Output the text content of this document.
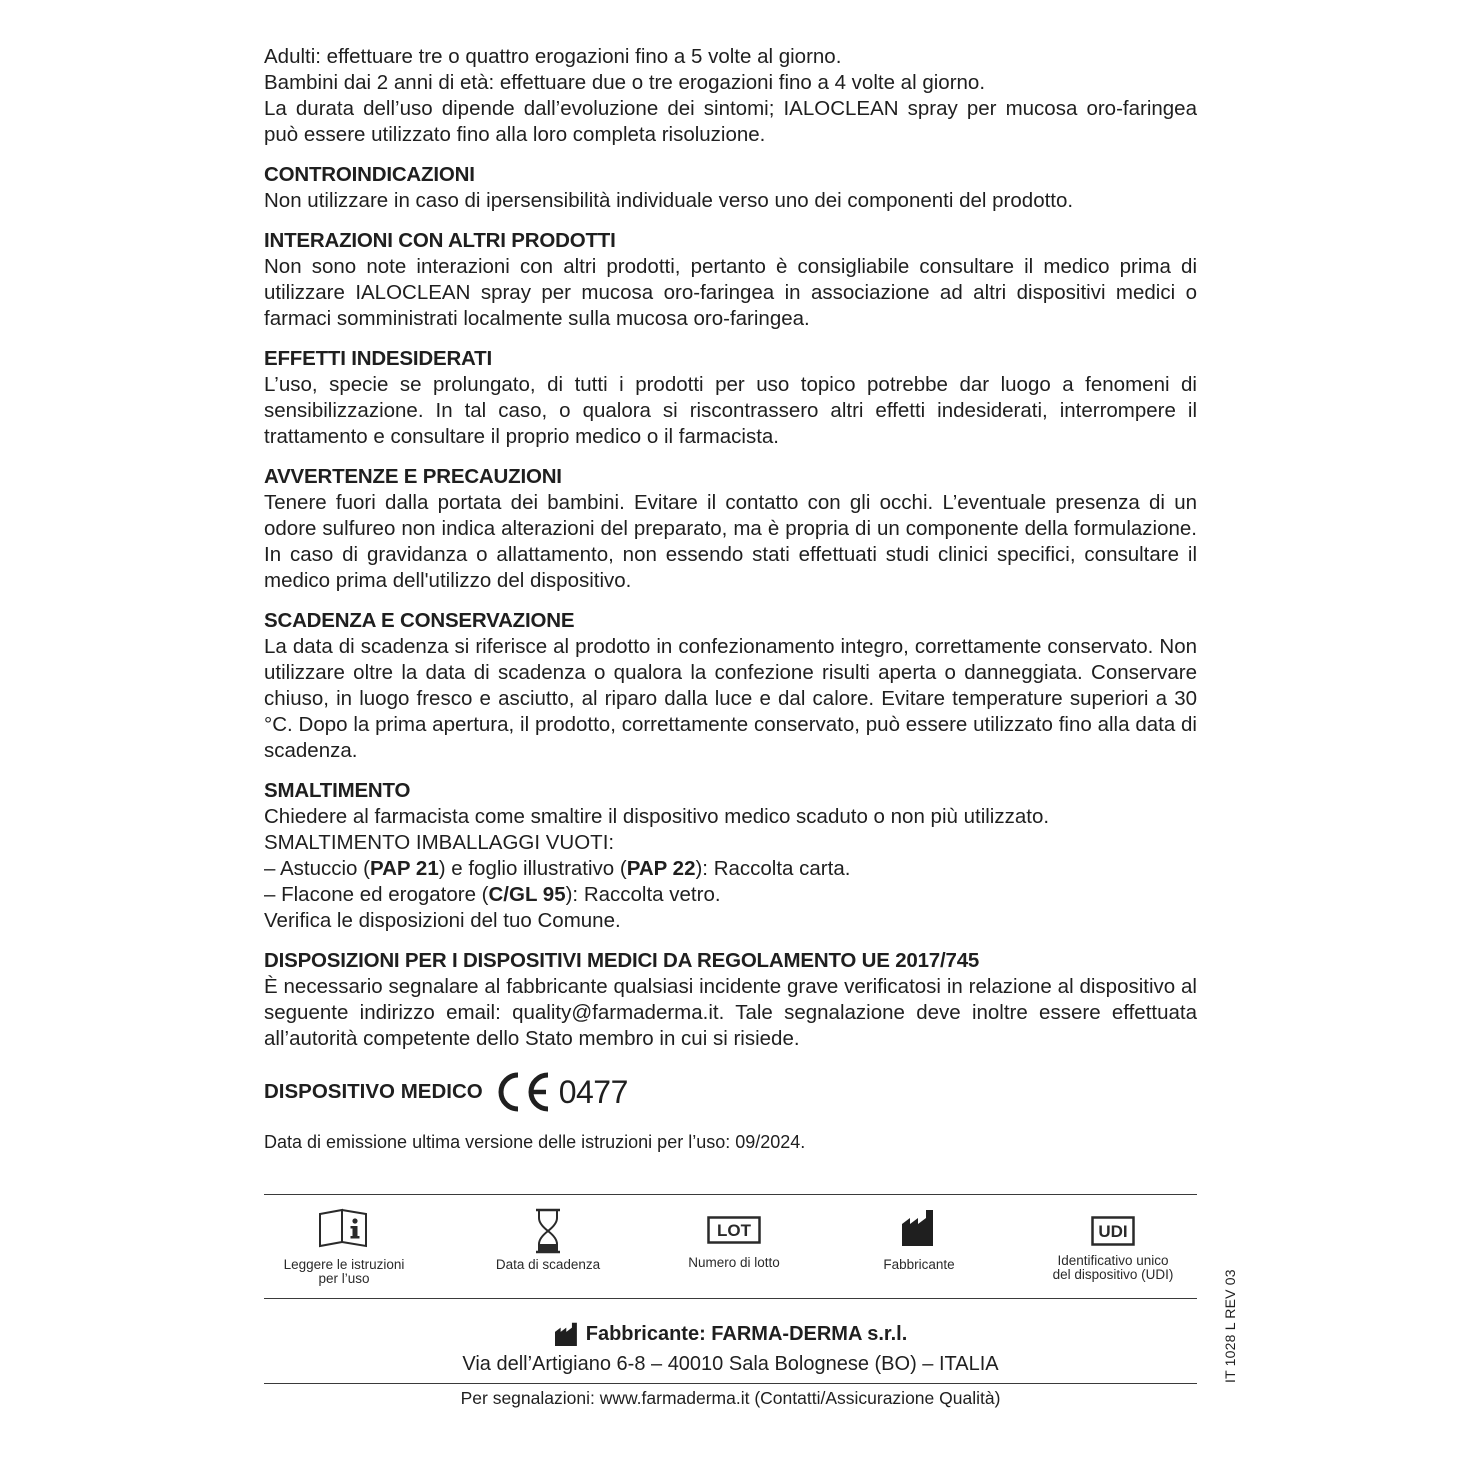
Adulti: effettuare tre o quattro erogazioni fino a 5 volte al giorno.

Bambini dai 2 anni di età: effettuare due o tre erogazioni fino a 4 volte al giorno.

La durata dell’uso dipende dall’evoluzione dei sintomi; IALOCLEAN spray per mucosa oro-faringea può essere utilizzato fino alla loro completa risoluzione.

CONTROINDICAZIONI

Non utilizzare in caso di ipersensibilità individuale verso uno dei componenti del prodotto.

INTERAZIONI CON ALTRI PRODOTTI

Non sono note interazioni con altri prodotti, pertanto è consigliabile consultare il medico prima di utilizzare IALOCLEAN spray per mucosa oro-faringea in associazione ad altri dispositivi medici o farmaci somministrati localmente sulla mucosa oro-faringea.

EFFETTI INDESIDERATI

L’uso, specie se prolungato, di tutti i prodotti per uso topico potrebbe dar luogo a fenomeni di sensibilizzazione. In tal caso, o qualora si riscontrassero altri effetti indesiderati, interrompere il trattamento e consultare il proprio medico o il farmacista.

AVVERTENZE E PRECAUZIONI

Tenere fuori dalla portata dei bambini. Evitare il contatto con gli occhi. L’eventuale presenza di un odore sulfureo non indica alterazioni del preparato, ma è propria di un componente della formulazione. In caso di gravidanza o allattamento, non essendo stati effettuati studi clinici specifici, consultare il medico prima dell'utilizzo del dispositivo.

SCADENZA E CONSERVAZIONE

La data di scadenza si riferisce al prodotto in confezionamento integro, correttamente conservato. Non utilizzare oltre la data di scadenza o qualora la confezione risulti aperta o danneggiata. Conservare chiuso, in luogo fresco e asciutto, al riparo dalla luce e dal calore. Evitare temperature superiori a 30 °C. Dopo la prima apertura, il prodotto, correttamente conservato, può essere utilizzato fino alla data di scadenza.

SMALTIMENTO

Chiedere al farmacista come smaltire il dispositivo medico scaduto o non più utilizzato.

SMALTIMENTO IMBALLAGGI VUOTI:

– Astuccio (PAP 21) e foglio illustrativo (PAP 22): Raccolta carta.

– Flacone ed erogatore (C/GL 95): Raccolta vetro.

Verifica le disposizioni del tuo Comune.

DISPOSIZIONI PER I DISPOSITIVI MEDICI DA REGOLAMENTO UE 2017/745

È necessario segnalare al fabbricante qualsiasi incidente grave verificatosi in relazione al dispositivo al seguente indirizzo email: quality@farmaderma.it. Tale segnalazione deve inoltre essere effettuata all’autorità competente dello Stato membro in cui si risiede.

DISPOSITIVO MEDICO 0477
Data di emissione ultima versione delle istruzioni per l’uso: 09/2024.
Leggere le istruzioni
per l’uso
Data di scadenza
LOT
Numero di lotto	Fabbricante
UDI
Identificativo unico
del dispositivo (UDI)
Fabbricante: FARMA-DERMA s.r.l.
Via dell’Artigiano 6-8 – 40010 Sala Bolognese (BO) – ITALIA
Per segnalazioni: www.farmaderma.it (Contatti/Assicurazione Qualità)
IT 1028 L REV 03
